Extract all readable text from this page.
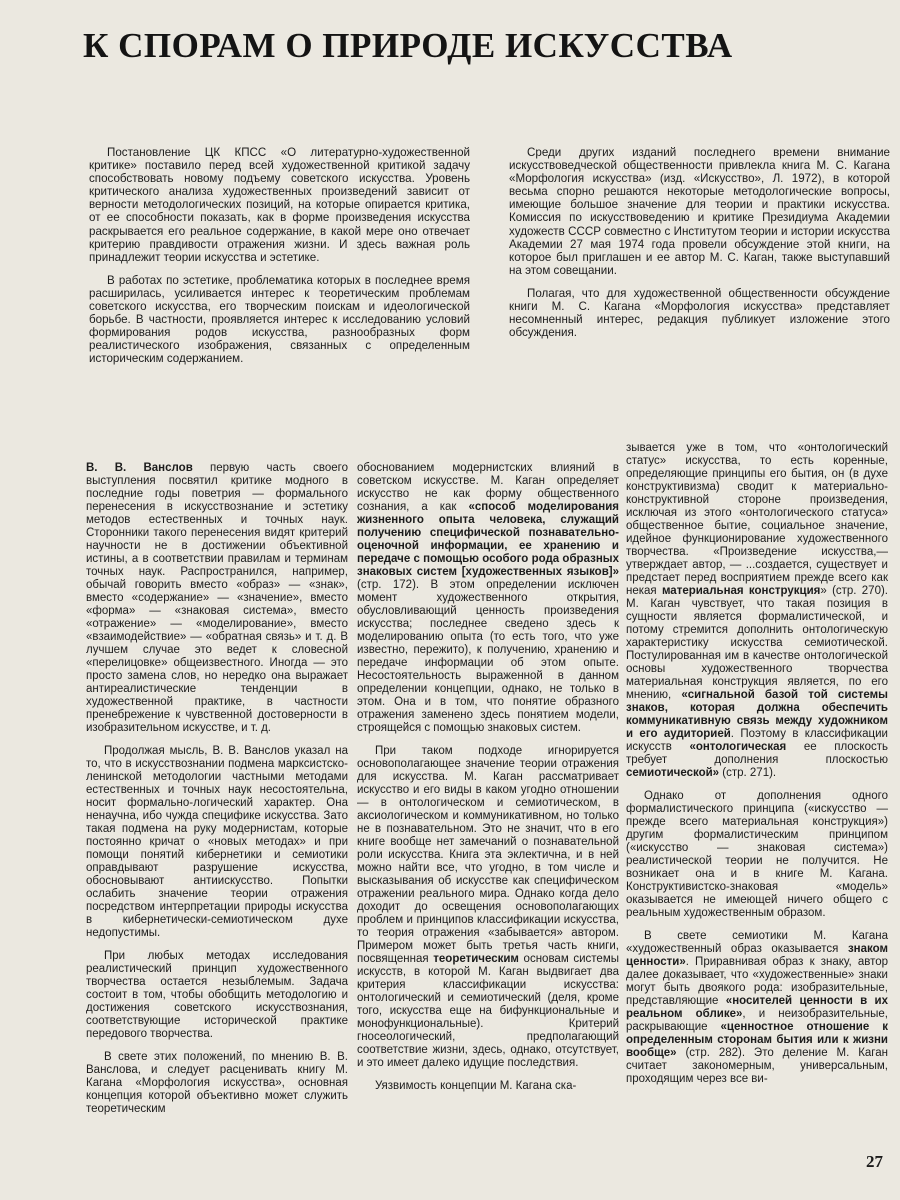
К СПОРАМ О ПРИРОДЕ ИСКУССТВА

Постановление ЦК КПСС «О литературно-художественной критике» поставило перед всей художественной критикой задачу способствовать новому подъему советского искусства. Уровень критического анализа художественных произведений зависит от верности методологических позиций, на которые опирается критика, от ее способности показать, как в форме произведения искусства раскрывается его реальное содержание, в какой мере оно отвечает критерию правдивости отражения жизни. И здесь важная роль принадлежит теории искусства и эстетике.

В работах по эстетике, проблематика которых в последнее время расширилась, усиливается интерес к теоретическим проблемам советского искусства, его творческим поискам и идеологической борьбе. В частности, проявляется интерес к исследованию условий формирования родов искусства, разнообразных форм реалистического изображения, связанных с определенным историческим содержанием.

Среди других изданий последнего времени внимание искусствоведческой общественности привлекла книга М. С. Кагана «Морфология искусства» (изд. «Искусство», Л. 1972), в которой весьма спорно решаются некоторые методологические вопросы, имеющие большое значение для теории и практики искусства. Комиссия по искусствоведению и критике Президиума Академии художеств СССР совместно с Институтом теории и истории искусства Академии 27 мая 1974 года провели обсуждение этой книги, на которое был приглашен и ее автор М. С. Каган, также выступавший на этом совещании.

Полагая, что для художественной общественности обсуждение книги М. С. Кагана «Морфология искусства» представляет несомненный интерес, редакция публикует изложение этого обсуждения.

В. В. Ванслов первую часть своего выступления посвятил критике модного в последние годы поветрия — формального перенесения в искусствознание и эстетику методов естественных и точных наук. Сторонники такого перенесения видят критерий научности не в достижении объективной истины, а в соответствии правилам и терминам точных наук. Распространился, например, обычай говорить вместо «образ» — «знак», вместо «содержание» — «значение», вместо «форма» — «знаковая система», вместо «отражение» — «моделирование», вместо «взаимодействие» — «обратная связь» и т. д. В лучшем случае это ведет к словесной «перелицовке» общеизвестного. Иногда — это просто замена слов, но нередко она выражает антиреалистические тенденции в художественной практике, в частности пренебрежение к чувственной достоверности в изобразительном искусстве, и т. д.

Продолжая мысль, В. В. Ванслов указал на то, что в искусствознании подмена марксистско-ленинской методологии частными методами естественных и точных наук несостоятельна, носит формально-логический характер. Она ненаучна, ибо чужда специфике искусства. Зато такая подмена на руку модернистам, которые постоянно кричат о «новых методах» и при помощи понятий кибернетики и семиотики оправдывают разрушение искусства, обосновывают антиискусство. Попытки ослабить значение теории отражения посредством интерпретации природы искусства в кибернетически-семиотическом духе недопустимы.

При любых методах исследования реалистический принцип художественного творчества остается незыблемым. Задача состоит в том, чтобы обобщить методологию и достижения советского искусствознания, соответствующие исторической практике передового творчества.

В свете этих положений, по мнению В. В. Ванслова, и следует расценивать книгу М. Кагана «Морфология искусства», основная концепция которой объективно может служить теоретическим

обоснованием модернистских влияний в советском искусстве. М. Каган определяет искусство не как форму общественного сознания, а как «способ моделирования жизненного опыта человека, служащий получению специфической познавательно-оценочной информации, ее хранению и передаче с помощью особого рода образных знаковых систем [художественных языков]» (стр. 172). В этом определении исключен момент художественного открытия, обусловливающий ценность произведения искусства; последнее сведено здесь к моделированию опыта (то есть того, что уже известно, пережито), к получению, хранению и передаче информации об этом опыте. Несостоятельность выраженной в данном определении концепции, однако, не только в этом. Она и в том, что понятие образного отражения заменено здесь понятием модели, строящейся с помощью знаковых систем.

При таком подходе игнорируется основополагающее значение теории отражения для искусства. М. Каган рассматривает искусство и его виды в каком угодно отношении — в онтологическом и семиотическом, в аксиологическом и коммуникативном, но только не в познавательном. Это не значит, что в его книге вообще нет замечаний о познавательной роли искусства. Книга эта эклектична, и в ней можно найти все, что угодно, в том числе и высказывания об искусстве как специфическом отражении реального мира. Однако когда дело доходит до освещения основополагающих проблем и принципов классификации искусства, то теория отражения «забывается» автором. Примером может быть третья часть книги, посвященная теоретическим основам системы искусств, в которой М. Каган выдвигает два критерия классификации искусства: онтологический и семиотический (деля, кроме того, искусства еще на бифункциональные и монофункциональные). Критерий гносеологический, предполагающий соответствие жизни, здесь, однако, отсутствует, и это имеет далеко идущие последствия.

Уязвимость концепции М. Кагана ска-

зывается уже в том, что «онтологический статус» искусства, то есть коренные, определяющие принципы его бытия, он (в духе конструктивизма) сводит к материально-конструктивной стороне произведения, исключая из этого «онтологического статуса» общественное бытие, социальное значение, идейное функционирование художественного творчества. «Произведение искусства,— утверждает автор, — ...создается, существует и предстает перед восприятием прежде всего как некая материальная конструкция» (стр. 270). М. Каган чувствует, что такая позиция в сущности является формалистической, и потому стремится дополнить онтологическую характеристику искусства семиотической. Постулированная им в качестве онтологической основы художественного творчества материальная конструкция является, по его мнению, «сигнальной базой той системы знаков, которая должна обеспечить коммуникативную связь между художником и его аудиторией. Поэтому в классификации искусств «онтологическая ее плоскость требует дополнения плоскостью семиотической» (стр. 271).

Однако от дополнения одного формалистического принципа («искусство — прежде всего материальная конструкция») другим формалистическим принципом («искусство — знаковая система») реалистической теории не получится. Не возникает она и в книге М. Кагана. Конструктивистско-знаковая «модель» оказывается не имеющей ничего общего с реальным художественным образом.

В свете семиотики М. Кагана «художественный образ оказывается знаком ценности». Приравнивая образ к знаку, автор далее доказывает, что «художественные» знаки могут быть двоякого рода: изобразительные, представляющие «носителей ценности в их реальном облике», и неизобразительные, раскрывающие «ценностное отношение к определенным сторонам бытия или к жизни вообще» (стр. 282). Это деление М. Каган считает закономерным, универсальным, проходящим через все ви-

27
